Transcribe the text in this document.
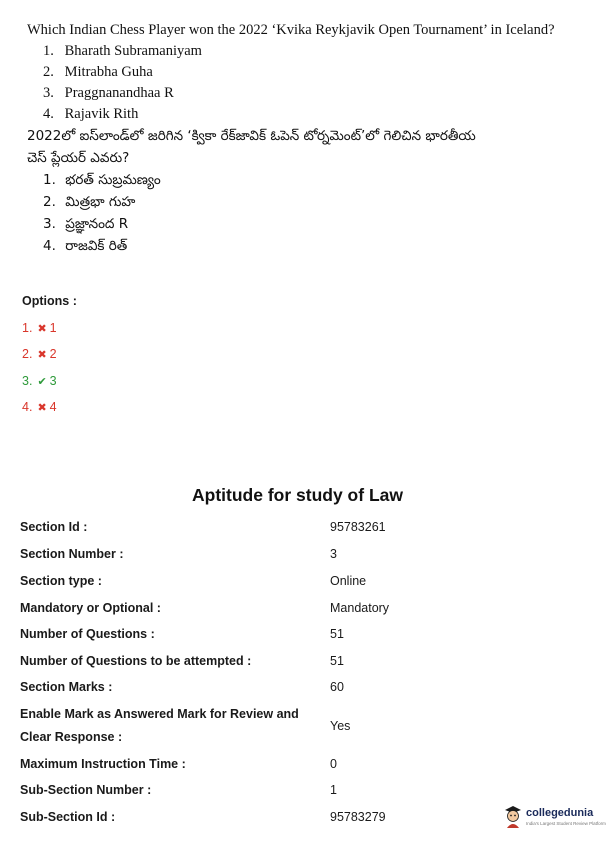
Which Indian Chess Player won the 2022 ‘Kvika Reykjavik Open Tournament’ in Iceland?

1. Bharath Subramaniyam
2. Mitrabha Guha
3. Praggnanandhaa R
4. Rajavik Rith
2022లో ఐస్‌లాండ్‌లో జరిగిన ‘క్వికా రేక్‌జావిక్ ఓపెన్ టోర్నమెంట్’లో గెలిచిన భారతీయ
చెస్ ప్లేయర్ ఎవరు?
1. భరత్ సుబ్రమణ్యం
2. మిత్రభా గుహ
3. ప్రజ్ఞానంద R
4. రాజవిక్ రిత్
Options :
1. ✖ 1
2. ✖ 2
3. ✔ 3
4. ✖ 4
Aptitude for study of Law
Section Id :	95783261
Section Number :	3
Section type :	Online
Mandatory or Optional :	Mandatory
Number of Questions :	51
Number of Questions to be attempted :	51
Section Marks :	60
Enable Mark as Answered Mark for Review and
Clear Response :
Yes
Maximum Instruction Time :	0
Sub-Section Number :	1
Sub-Section Id :	95783279	collegedunia
India's Largest Student Review Platform
